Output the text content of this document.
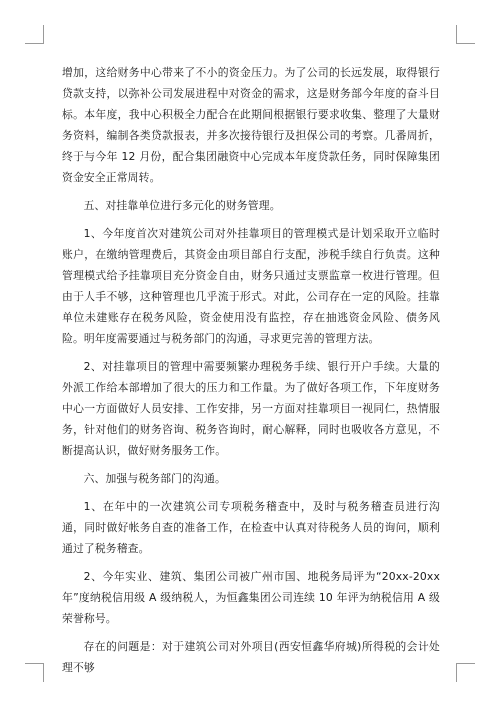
增加，这给财务中心带来了不小的资金压力。为了公司的长远发展，取得银行贷款支持，以弥补公司发展进程中对资金的需求，这是财务部今年度的奋斗目标。本年度，我中心积极全力配合在此期间根据银行要求收集、整理了大量财务资料，编制各类贷款报表，并多次接待银行及担保公司的考察。几番周折，终于与今年 12 月份，配合集团融资中心完成本年度贷款任务，同时保障集团资金安全正常周转。

五、对挂靠单位进行多元化的财务管理。

1、今年度首次对建筑公司对外挂靠项目的管理模式是计划采取开立临时账户，在缴纳管理费后，其资金由项目部自行支配，涉税手续自行负责。这种管理模式给予挂靠项目充分资金自由，财务只通过支票监章一枚进行管理。但由于人手不够，这种管理也几乎流于形式。对此，公司存在一定的风险。挂靠单位未建账存在税务风险，资金使用没有监控，存在抽逃资金风险、债务风险。明年度需要通过与税务部门的沟通，寻求更完善的管理方法。

2、对挂靠项目的管理中需要频繁办理税务手续、银行开户手续。大量的外派工作给本部增加了很大的压力和工作量。为了做好各项工作，下年度财务中心一方面做好人员安排、工作安排，另一方面对挂靠项目一视同仁，热情服务，针对他们的财务咨询、税务咨询时，耐心解释，同时也吸收各方意见，不断提高认识，做好财务服务工作。

六、加强与税务部门的沟通。

1、在年中的一次建筑公司专项税务稽查中，及时与税务稽查员进行沟通，同时做好帐务自查的准备工作，在检查中认真对待税务人员的询问，顺利通过了税务稽查。

2、今年实业、建筑、集团公司被广州市国、地税务局评为“20xx-20xx 年”度纳税信用级 A 级纳税人，为恒鑫集团公司连续 10 年评为纳税信用 A 级荣誉称号。

存在的问题是：对于建筑公司对外项目(西安恒鑫华府城)所得税的会计处理不够
